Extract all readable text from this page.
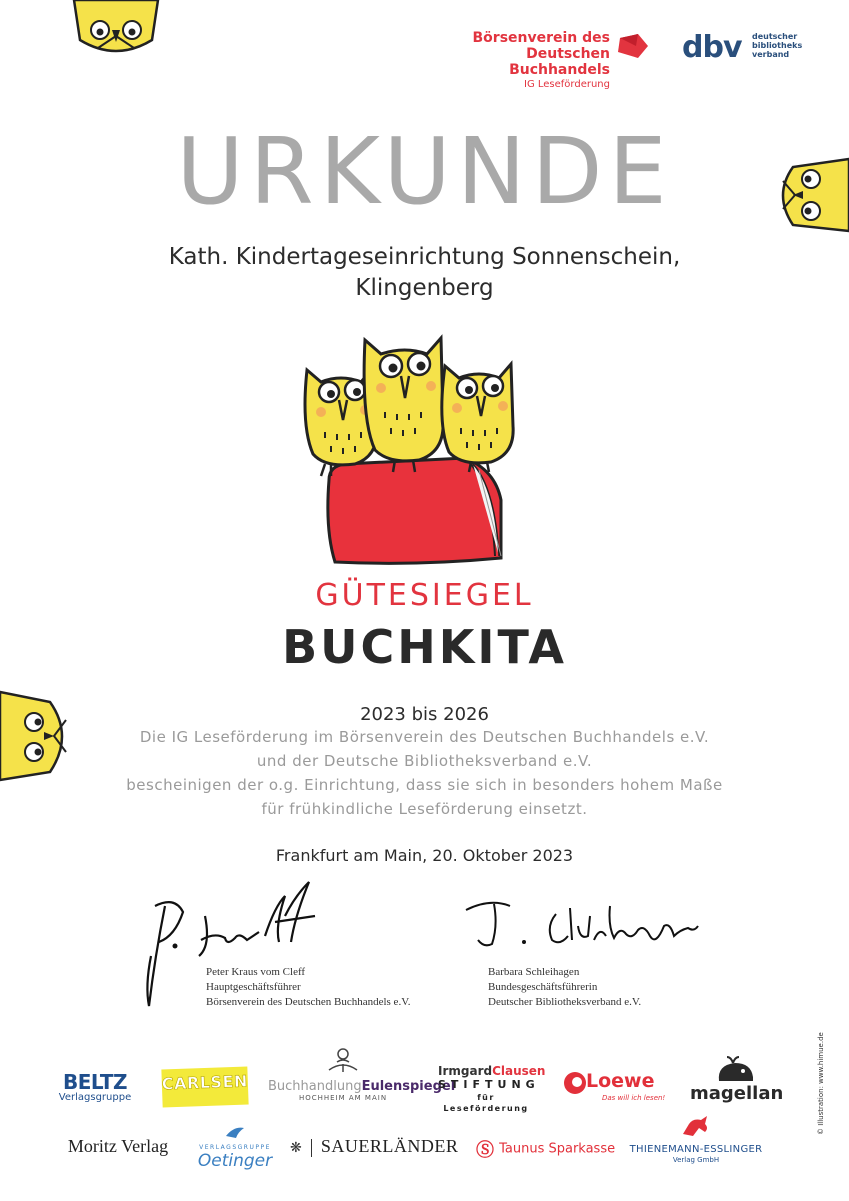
Börsenverein des
Deutschen Buchhandels
IG Leseförderung
dbv deutscher
bibliotheks
verband
URKUNDE
Kath. Kindertageseinrichtung Sonnenschein,
Klingenberg
GÜTESIEGEL
BUCHKITA
2023 bis 2026
Die IG Leseförderung im Börsenverein des Deutschen Buchhandels e.V.
und der Deutsche Bibliotheksverband e.V.
bescheinigen der o.g. Einrichtung, dass sie sich in besonders hohem Maße
für frühkindliche Leseförderung einsetzt.
Frankfurt am Main, 20. Oktober 2023
Peter Kraus vom Cleff
Hauptgeschäftsführer
Börsenverein des Deutschen Buchhandels e.V.
Barbara Schleihagen
Bundesgeschäftsführerin
Deutscher Bibliotheksverband e.V.
BELTZ
Verlagsgruppe
CARLSEN BuchhandlungEulenspiegel
HOCHHEIM AM MAIN
IrmgardClausen
STIFTUNG
für Leseförderung
Loewe
Das will ich lesen! magellan
Moritz Verlag	VERLAGSGRUPPE
Oetinger
❋ SAUERLÄNDER Ⓢ Taunus Sparkasse	THIENEMANN-ESSLINGER
Verlag GmbH
© Illustration: www.himue.de
